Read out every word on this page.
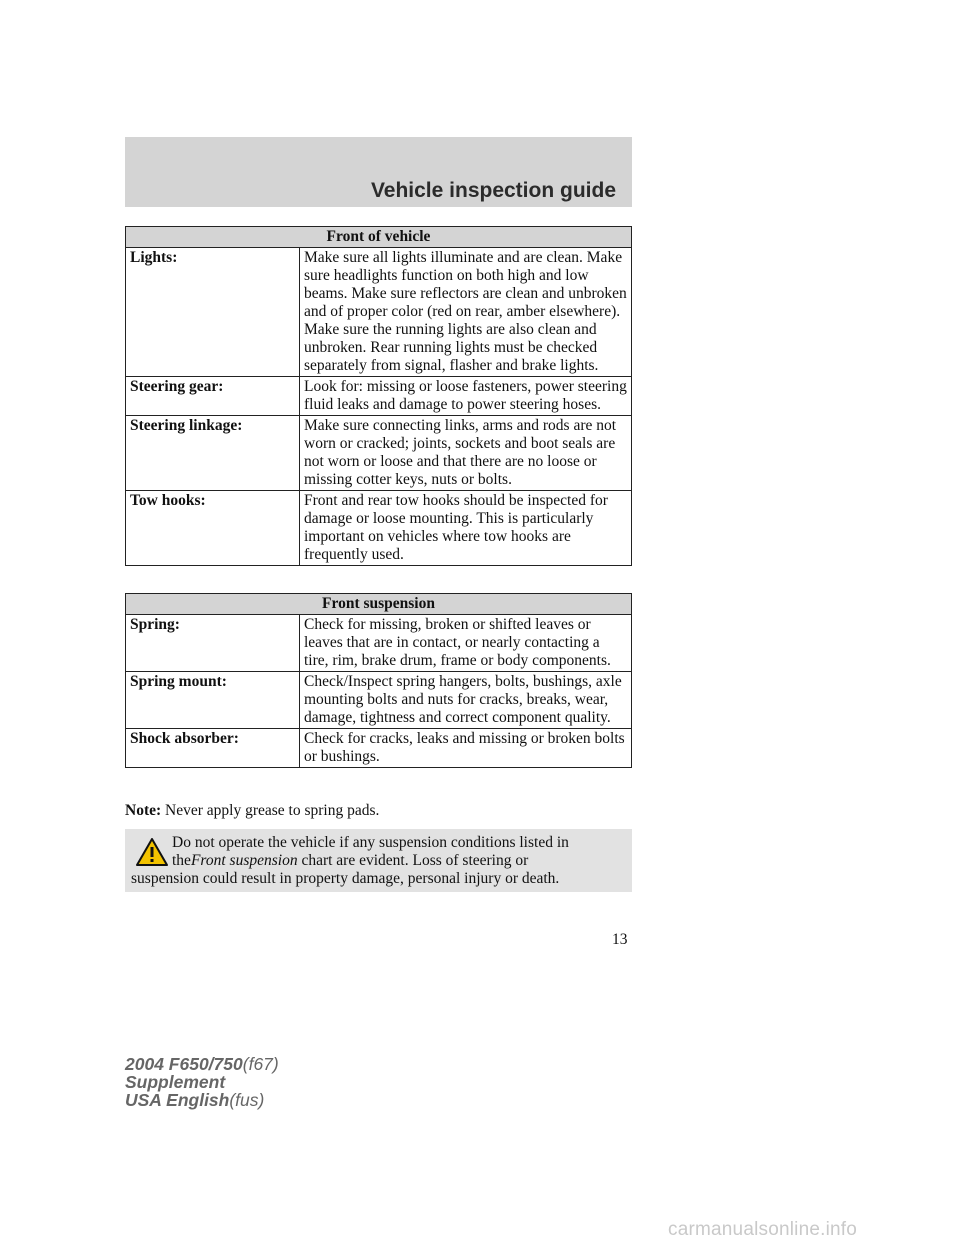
Vehicle inspection guide
Front of vehicle	
Lights:	Make sure all lights illuminate and are clean. Make sure headlights function on both high and low beams. Make sure reflectors are clean and unbroken and of proper color (red on rear, amber elsewhere). Make sure the running lights are also clean and unbroken. Rear running lights must be checked separately from signal, flasher and brake lights.
Steering gear:	Look for: missing or loose fasteners, power steering fluid leaks and damage to power steering hoses.
Steering linkage:	Make sure connecting links, arms and rods are not worn or cracked; joints, sockets and boot seals are not worn or loose and that there are no loose or missing cotter keys, nuts or bolts.
Tow hooks:	Front and rear tow hooks should be inspected for damage or loose mounting. This is particularly important on vehicles where tow hooks are frequently used.
Front suspension	
Spring:	Check for missing, broken or shifted leaves or leaves that are in contact, or nearly contacting a tire, rim, brake drum, frame or body components.
Spring mount:	Check/Inspect spring hangers, bolts, bushings, axle mounting bolts and nuts for cracks, breaks, wear, damage, tightness and correct component quality.
Shock absorber:	Check for cracks, leaks and missing or broken bolts or bushings.
Note: Never apply grease to spring pads.
Do not operate the vehicle if any suspension conditions listed in
theFront suspension chart are evident. Loss of steering or
suspension could result in property damage, personal injury or death.
13
2004 F650/750(f67)
Supplement
USA English(fus)
carmanualsonline.info
